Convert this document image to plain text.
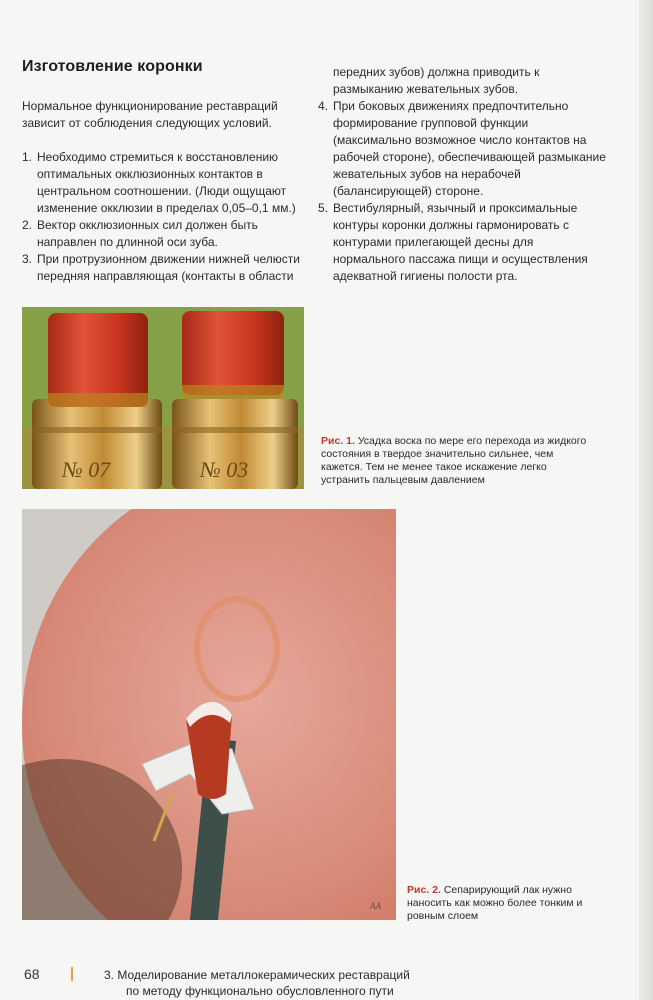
Изготовление коронки

Нормальное функционирование реставраций зависит от соблюдения следующих условий.

1. Необходимо стремиться к восстановлению оптимальных окклюзионных контактов в центральном соотношении. (Люди ощущают изменение окклюзии в пределах 0,05–0,1 мм.)
2. Вектор окклюзионных сил должен быть направлен по длинной оси зуба.
3. При протрузионном движении нижней челюсти передняя направляющая (контакты в области
передних зубов) должна приводить к размыканию жевательных зубов.
4. При боковых движениях предпочтительно формирование групповой функции (максимально возможное число контактов на рабочей стороне), обеспечивающей размыкание жевательных зубов на нерабочей (балансирующей) стороне.
5. Вестибулярный, язычный и проксимальные контуры коронки должны гармонировать с контурами прилегающей десны для нормального пассажа пищи и осуществления адекватной гигиены полости рта.
№ 07	№ 03

Рис. 1. Усадка воска по мере его перехода из жидкого состояния в твердое значительно сильнее, чем кажется. Тем не менее такое искажение легко устранить пальцевым давлением

AA

Рис. 2. Сепарирующий лак нужно наносить как можно более тонким и ровным слоем

68	3. Моделирование металлокерамических реставраций
по методу функционально обусловленного пути
